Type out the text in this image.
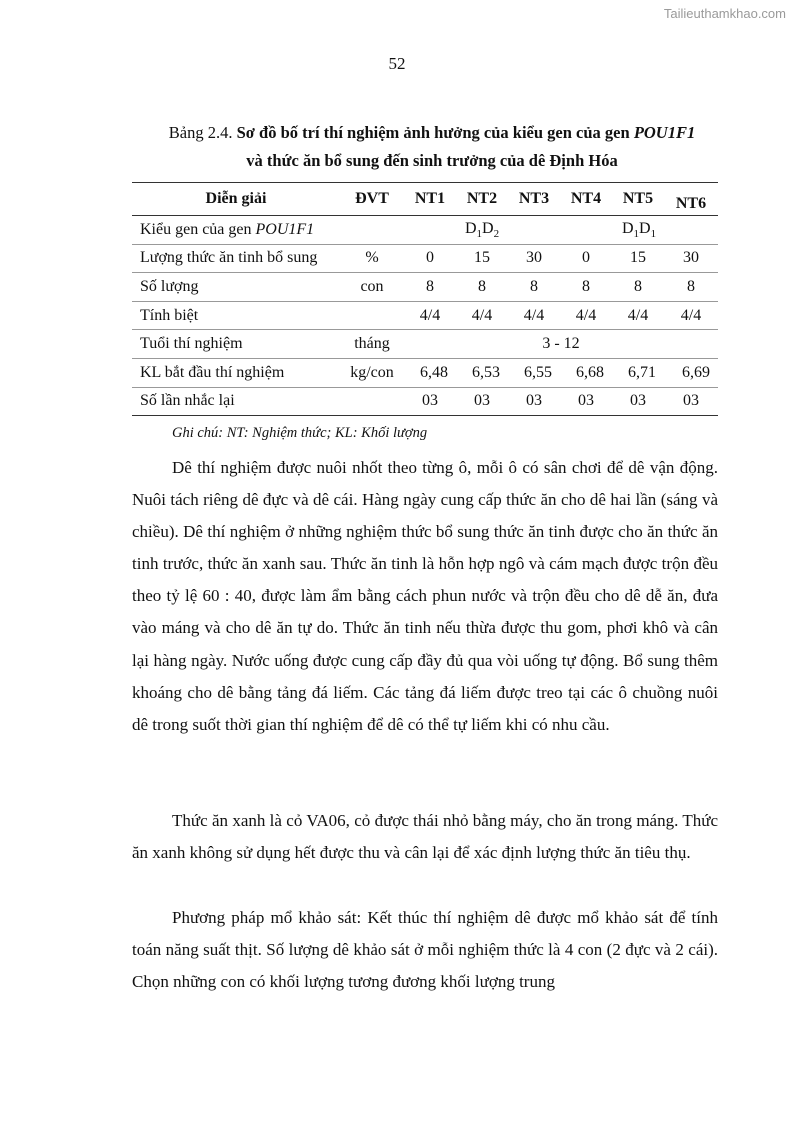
Tailieuthamkhao.com
52
Bảng 2.4. Sơ đồ bố trí thí nghiệm ảnh hưởng của kiểu gen của gen POU1F1
và thức ăn bổ sung đến sinh trưởng của dê Định Hóa
Diễn giải	ĐVT	NT1	NT2	NT3	NT4	NT5	NT6
Kiểu gen của gen POU1F1		$D_1D_2$			$D_1D_1$
Lượng thức ăn tinh bổ sung	%	0	15	30	0	15	30
Số lượng	con	8	8	8	8	8	8
Tính biệt		4/4	4/4	4/4	4/4	4/4	4/4
Tuổi thí nghiệm	tháng	3 - 12					
KL bắt đầu thí nghiệm	kg/con	6,48	6,53	6,55	6,68	6,71	6,69
Số lần nhắc lại		03	03	03	03	03	03
Ghi chú: NT: Nghiệm thức; KL: Khối lượng

Dê thí nghiệm được nuôi nhốt theo từng ô, mỗi ô có sân chơi để dê vận động. Nuôi tách riêng dê đực và dê cái. Hàng ngày cung cấp thức ăn cho dê hai lần (sáng và chiều). Dê thí nghiệm ở những nghiệm thức bổ sung thức ăn tinh được cho ăn thức ăn tinh trước, thức ăn xanh sau. Thức ăn tinh là hỗn hợp ngô và cám mạch được trộn đều theo tỷ lệ 60 : 40, được làm ẩm bằng cách phun nước và trộn đều cho dê dễ ăn, đưa vào máng và cho dê ăn tự do. Thức ăn tinh nếu thừa được thu gom, phơi khô và cân lại hàng ngày. Nước uống được cung cấp đầy đủ qua vòi uống tự động. Bổ sung thêm khoáng cho dê bằng tảng đá liếm. Các tảng đá liếm được treo tại các ô chuồng nuôi dê trong suốt thời gian thí nghiệm để dê có thể tự liếm khi có nhu cầu.

Thức ăn xanh là cỏ VA06, cỏ được thái nhỏ bằng máy, cho ăn trong máng. Thức ăn xanh không sử dụng hết được thu và cân lại để xác định lượng thức ăn tiêu thụ.

Phương pháp mổ khảo sát: Kết thúc thí nghiệm dê được mổ khảo sát để tính toán năng suất thịt. Số lượng dê khảo sát ở mỗi nghiệm thức là 4 con (2 đực và 2 cái). Chọn những con có khối lượng tương đương khối lượng trung
